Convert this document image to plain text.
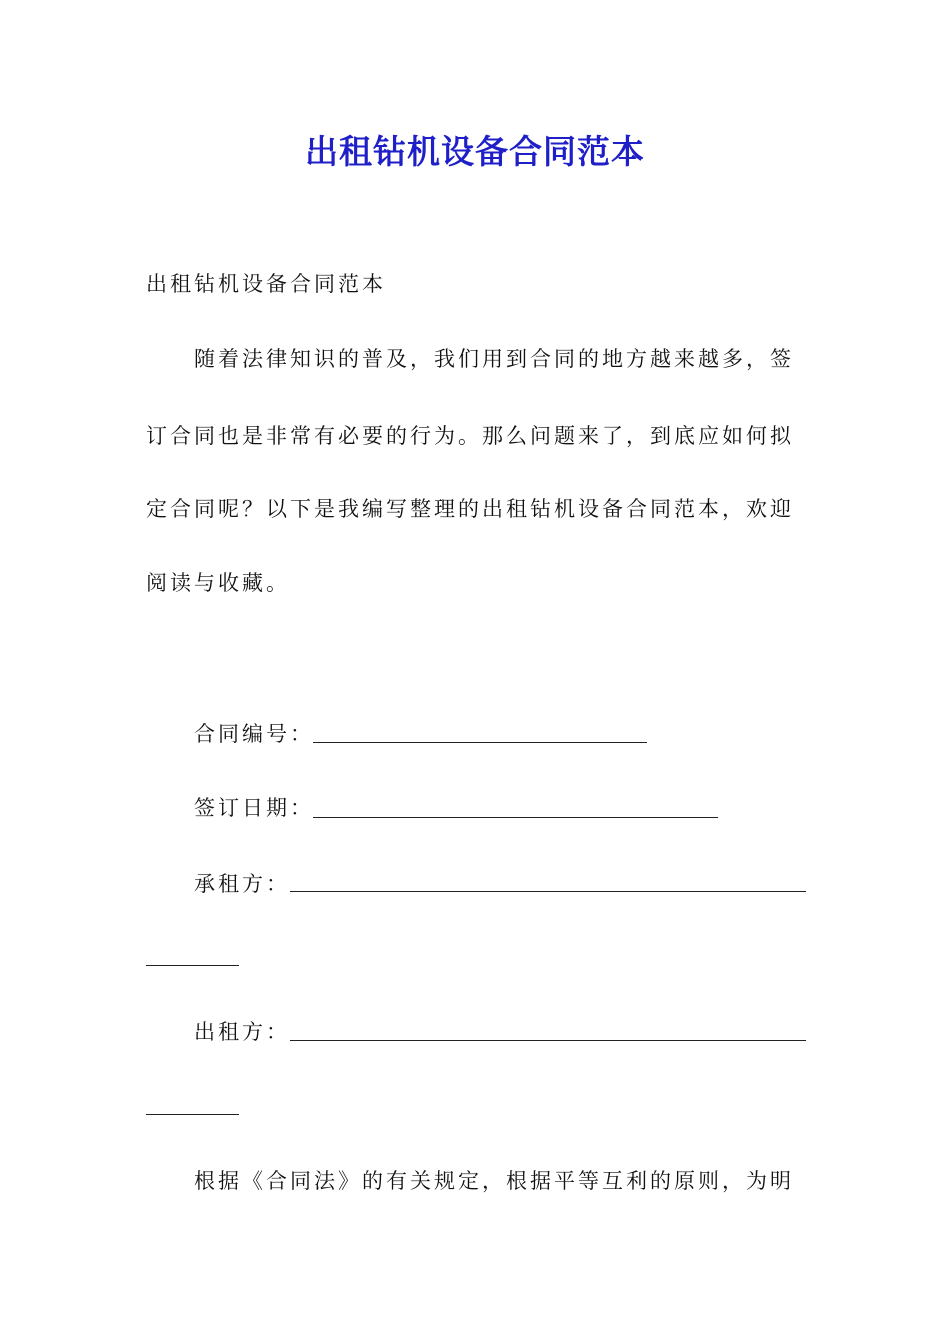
出租钻机设备合同范本
出租钻机设备合同范本
随着法律知识的普及，我们用到合同的地方越来越多，签
订合同也是非常有必要的行为。那么问题来了，到底应如何拟
定合同呢？以下是我编写整理的出租钻机设备合同范本，欢迎
阅读与收藏。
合同编号：
签订日期：
承租方：
出租方：
根据《合同法》的有关规定，根据平等互利的原则，为明
